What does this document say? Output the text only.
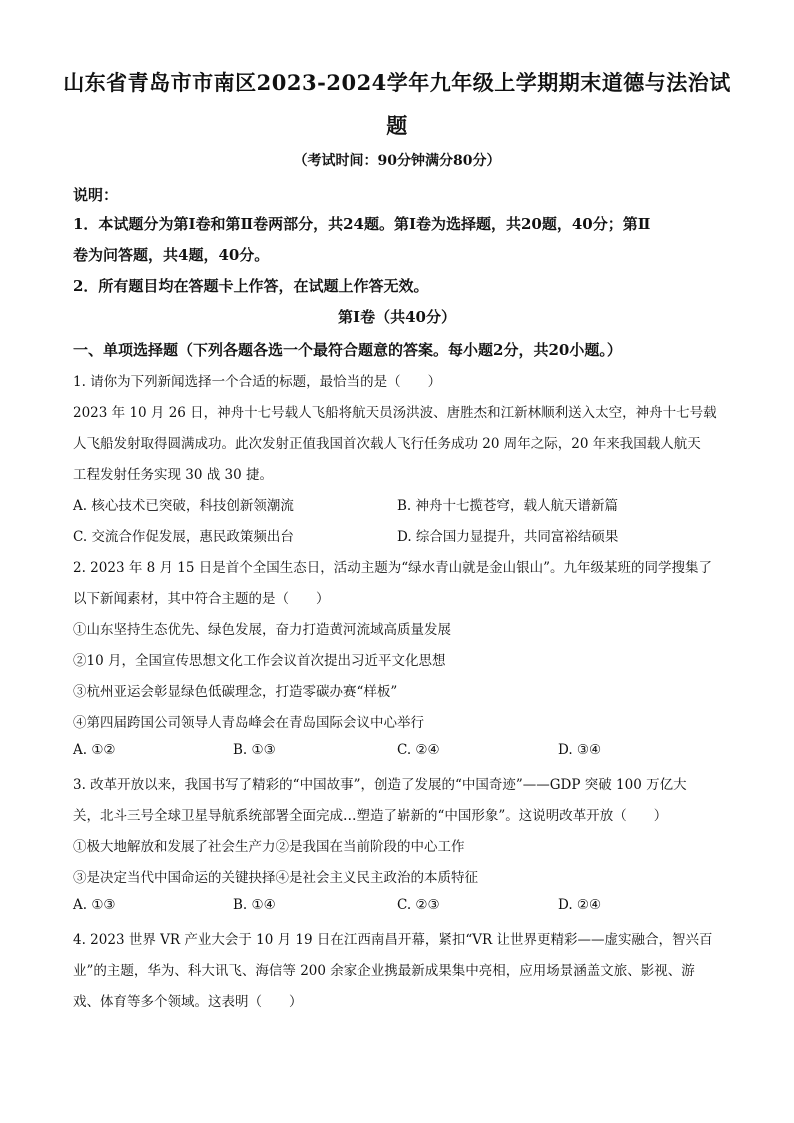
山东省青岛市市南区2023-2024学年九年级上学期期末道德与法治试
题
（考试时间：90分钟满分80分）
说明：
1．本试题分为第Ⅰ卷和第Ⅱ卷两部分，共24题。第Ⅰ卷为选择题，共20题，40分；第Ⅱ
卷为问答题，共4题，40分。
2．所有题目均在答题卡上作答，在试题上作答无效。
第Ⅰ卷（共40分）
一、单项选择题（下列各题各选一个最符合题意的答案。每小题2分，共20小题。）
1. 请你为下列新闻选择一个合适的标题，最恰当的是（　　）
2023 年 10 月 26 日，神舟十七号载人飞船将航天员汤洪波、唐胜杰和江新林顺利送入太空，神舟十七号载
人飞船发射取得圆满成功。此次发射正值我国首次载人飞行任务成功 20 周年之际，20 年来我国载人航天
工程发射任务实现 30 战 30 捷。
A. 核心技术已突破，科技创新领潮流	B. 神舟十七揽苍穹，载人航天谱新篇
C. 交流合作促发展，惠民政策频出台	D. 综合国力显提升，共同富裕结硕果
2. 2023 年 8 月 15 日是首个全国生态日，活动主题为“绿水青山就是金山银山”。九年级某班的同学搜集了
以下新闻素材，其中符合主题的是（　　）
①山东坚持生态优先、绿色发展，奋力打造黄河流域高质量发展
②10 月，全国宣传思想文化工作会议首次提出习近平文化思想
③杭州亚运会彰显绿色低碳理念，打造零碳办赛“样板”
④第四届跨国公司领导人青岛峰会在青岛国际会议中心举行
A. ①②	B. ①③	C. ②④	D. ③④
3. 改革开放以来，我国书写了精彩的“中国故事”，创造了发展的“中国奇迹”——GDP 突破 100 万亿大
关，北斗三号全球卫星导航系统部署全面完成…塑造了崭新的“中国形象”。这说明改革开放（　　）
①极大地解放和发展了社会生产力②是我国在当前阶段的中心工作
③是决定当代中国命运的关键抉择④是社会主义民主政治的本质特征
A. ①③	B. ①④	C. ②③	D. ②④
4. 2023 世界 VR 产业大会于 10 月 19 日在江西南昌开幕，紧扣“VR 让世界更精彩——虚实融合，智兴百
业”的主题，华为、科大讯飞、海信等 200 余家企业携最新成果集中亮相，应用场景涵盖文旅、影视、游
戏、体育等多个领域。这表明（　　）
